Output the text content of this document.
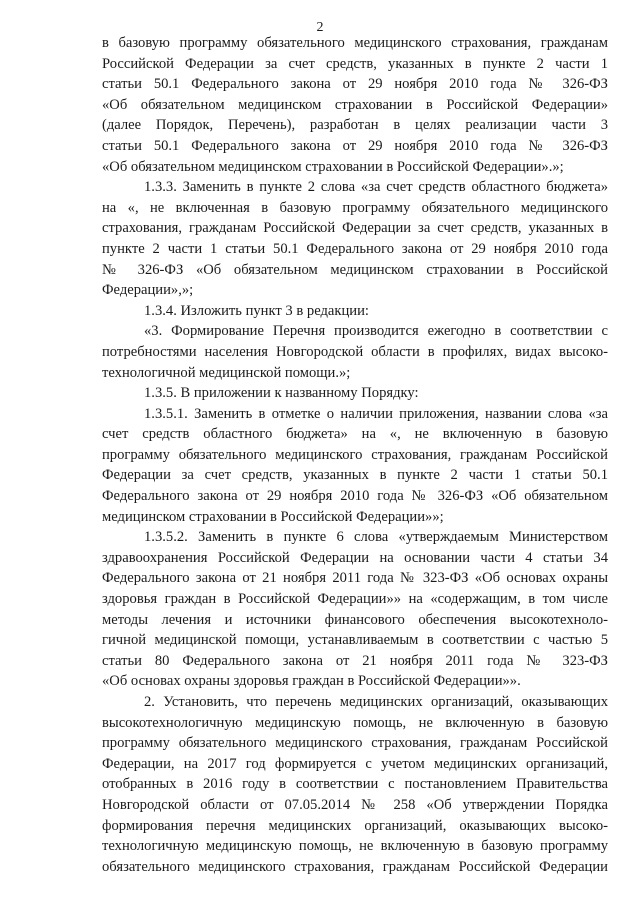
2
в базовую программу обязательного медицинского страхования, гражданам
Российской Федерации за счет средств, указанных в пункте 2 части 1
статьи 50.1 Федерального закона от 29 ноября 2010 года № 326-ФЗ
«Об обязательном медицинском страховании в Российской Федерации»
(далее Порядок, Перечень), разработан в целях реализации части 3
статьи 50.1 Федерального закона от 29 ноября 2010 года № 326-ФЗ
«Об обязательном медицинском страховании в Российской Федерации».»;
1.3.3. Заменить в пункте 2 слова «за счет средств областного бюджета»
на «, не включенная в базовую программу обязательного медицинского
страхования, гражданам Российской Федерации за счет средств, указанных в
пункте 2 части 1 статьи 50.1 Федерального закона от 29 ноября 2010 года
№ 326-ФЗ «Об обязательном медицинском страховании в Российской
Федерации»,»;
1.3.4. Изложить пункт 3 в редакции:
«3. Формирование Перечня производится ежегодно в соответствии с
потребностями населения Новгородской области в профилях, видах высоко-
технологичной медицинской помощи.»;
1.3.5. В приложении к названному Порядку:
1.3.5.1. Заменить в отметке о наличии приложения, названии слова «за
счет средств областного бюджета» на «, не включенную в базовую
программу обязательного медицинского страхования, гражданам Российской
Федерации за счет средств, указанных в пункте 2 части 1 статьи 50.1
Федерального закона от 29 ноября 2010 года № 326-ФЗ «Об обязательном
медицинском страховании в Российской Федерации»»;
1.3.5.2. Заменить в пункте 6 слова «утверждаемым Министерством
здравоохранения Российской Федерации на основании части 4 статьи 34
Федерального закона от 21 ноября 2011 года № 323-ФЗ «Об основах охраны
здоровья граждан в Российской Федерации»» на «содержащим, в том числе
методы лечения и источники финансового обеспечения высокотехноло-
гичной медицинской помощи, устанавливаемым в соответствии с частью 5
статьи 80 Федерального закона от 21 ноября 2011 года № 323-ФЗ
«Об основах охраны здоровья граждан в Российской Федерации»».
2. Установить, что перечень медицинских организаций, оказывающих
высокотехнологичную медицинскую помощь, не включенную в базовую
программу обязательного медицинского страхования, гражданам Российской
Федерации, на 2017 год формируется с учетом медицинских организаций,
отобранных в 2016 году в соответствии с постановлением Правительства
Новгородской области от 07.05.2014 № 258 «Об утверждении Порядка
формирования перечня медицинских организаций, оказывающих высоко-
технологичную медицинскую помощь, не включенную в базовую программу
обязательного медицинского страхования, гражданам Российской Федерации
